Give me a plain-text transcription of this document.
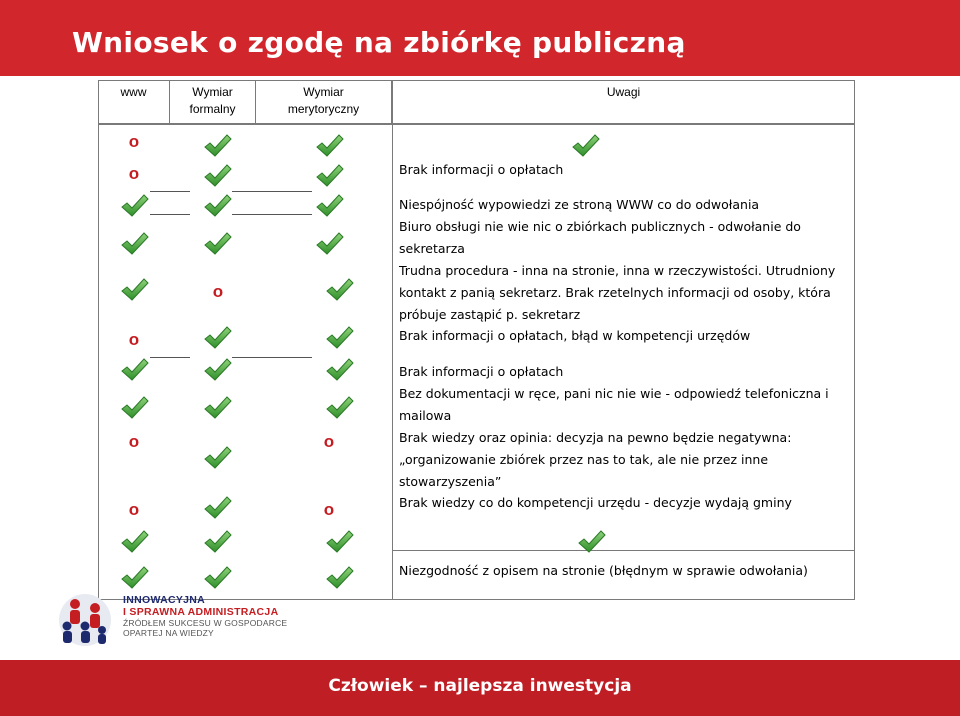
Wniosek o zgodę na zbiórkę publiczną
www	Wymiar
formalny
Wymiar
merytoryczny
Uwagi
o
o
o
o
o
o
o
o
Brak informacji o opłatach
Niespójność wypowiedzi ze stroną WWW co do odwołania
Biuro obsługi nie wie nic o zbiórkach publicznych - odwołanie do sekretarza
Trudna procedura - inna na stronie, inna w rzeczywistości. Utrudniony kontakt z panią sekretarz. Brak rzetelnych informacji od osoby, która próbuje zastąpić p. sekretarz
Brak informacji o opłatach, błąd w kompetencji urzędów
Brak informacji o opłatach
Bez dokumentacji w ręce, pani nic nie wie - odpowiedź telefoniczna i mailowa
Brak wiedzy oraz opinia: decyzja na pewno będzie negatywna: „organizowanie zbiórek przez nas to tak, ale nie przez inne stowarzyszenia”
Brak wiedzy co do kompetencji urzędu - decyzje wydają gminy
Niezgodność z opisem na stronie (błędnym w sprawie odwołania)
INNOWACYJNA
I SPRAWNA ADMINISTRACJA
ŹRÓDŁEM SUKCESU W GOSPODARCE
OPARTEJ NA WIEDZY
Człowiek – najlepsza inwestycja
